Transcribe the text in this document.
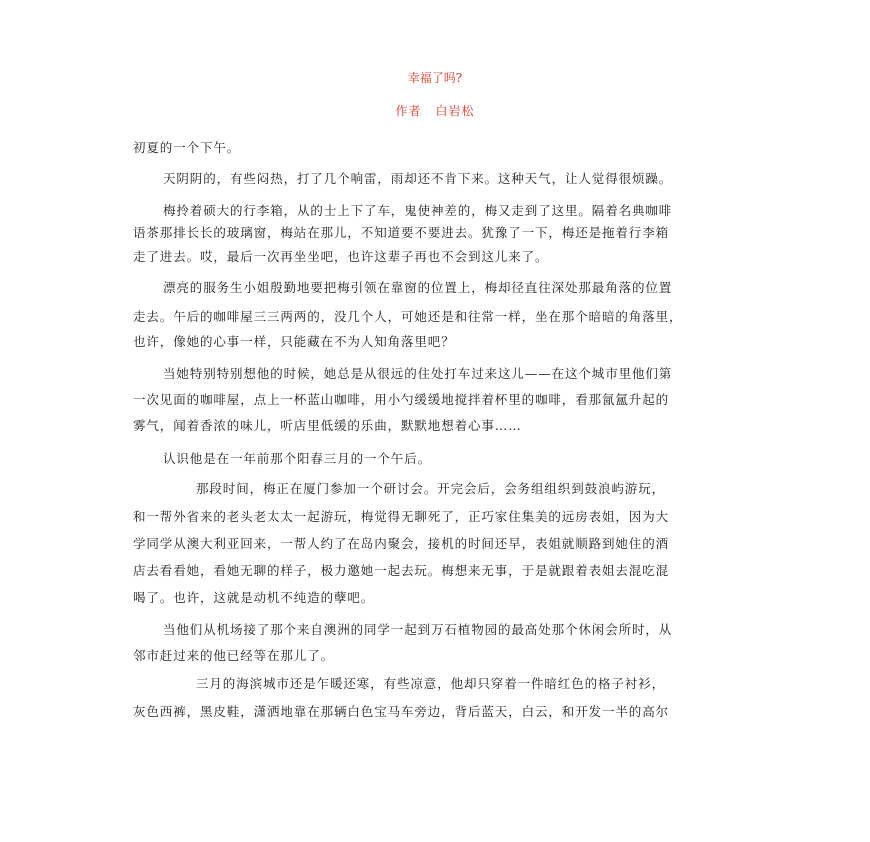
幸福了吗?
作者 白岩松
初夏的一个下午。
天阴阴的，有些闷热，打了几个响雷，雨却还不肯下来。这种天气，让人觉得很烦躁。
梅拎着硕大的行李箱，从的士上下了车，鬼使神差的，梅又走到了这里。隔着名典咖啡
语茶那排长长的玻璃窗，梅站在那儿，不知道要不要进去。犹豫了一下，梅还是拖着行李箱
走了进去。哎，最后一次再坐坐吧，也许这辈子再也不会到这儿来了。
漂亮的服务生小姐殷勤地要把梅引领在靠窗的位置上，梅却径直往深处那最角落的位置
走去。午后的咖啡屋三三两两的，没几个人，可她还是和往常一样，坐在那个暗暗的角落里，
也许，像她的心事一样，只能藏在不为人知角落里吧？
当她特别特别想他的时候，她总是从很远的住处打车过来这儿——在这个城市里他们第
一次见面的咖啡屋，点上一杯蓝山咖啡，用小勺缓缓地搅拌着杯里的咖啡，看那氤氲升起的
雾气，闻着香浓的味儿，听店里低缓的乐曲，默默地想着心事……
认识他是在一年前那个阳春三月的一个午后。
那段时间，梅正在厦门参加一个研讨会。开完会后，会务组组织到鼓浪屿游玩，
和一帮外省来的老头老太太一起游玩，梅觉得无聊死了，正巧家住集美的远房表姐，因为大
学同学从澳大利亚回来，一帮人约了在岛内聚会，接机的时间还早，表姐就顺路到她住的酒
店去看看她，看她无聊的样子，极力邀她一起去玩。梅想来无事，于是就跟着表姐去混吃混
喝了。也许，这就是动机不纯造的孽吧。
当他们从机场接了那个来自澳洲的同学一起到万石植物园的最高处那个休闲会所时，从
邻市赶过来的他已经等在那儿了。
三月的海滨城市还是乍暖还寒，有些凉意，他却只穿着一件暗红色的格子衬衫，
灰色西裤，黑皮鞋，潇洒地靠在那辆白色宝马车旁边，背后蓝天，白云，和开发一半的高尔
